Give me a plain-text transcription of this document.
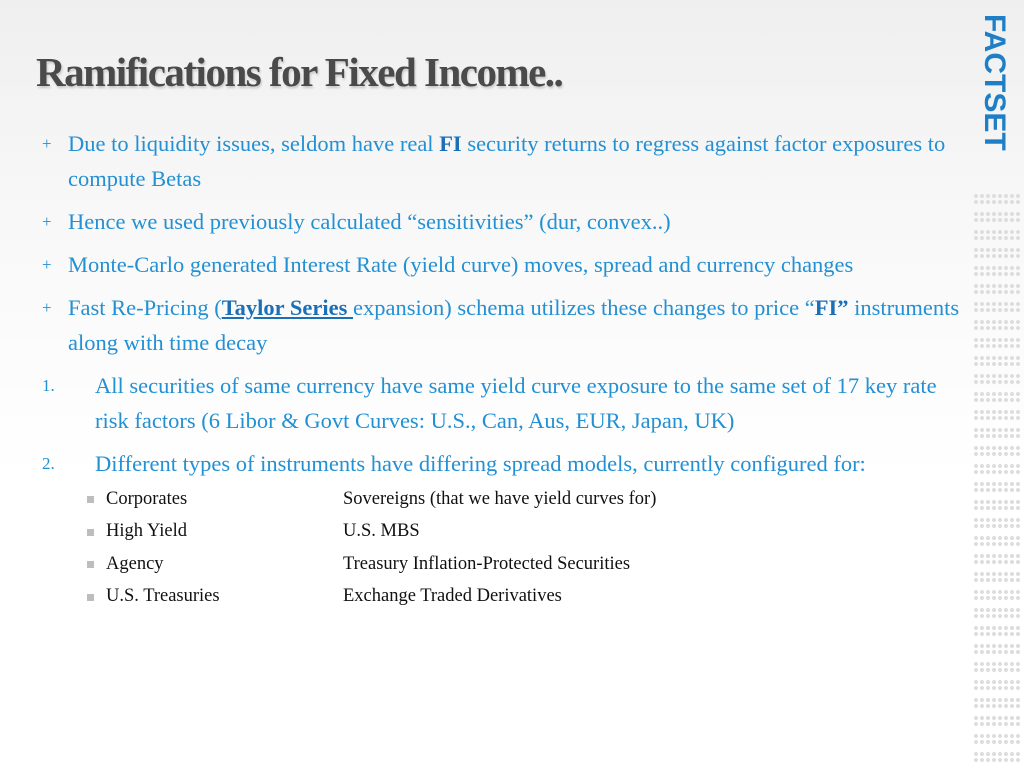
Ramifications for Fixed Income..	FACTSET
+ Due to liquidity issues, seldom have real FI security returns to regress against factor exposures to compute Betas
+ Hence we used previously calculated “sensitivities” (dur, convex..)
+ Monte-Carlo generated Interest Rate (yield curve) moves, spread and currency changes
+ Fast Re-Pricing (Taylor Series expansion) schema utilizes these changes to price “FI” instruments along with time decay
1.	All securities of same currency have same yield curve exposure to the same set of 17 key rate risk factors (6 Libor & Govt Curves: U.S., Can, Aus, EUR, Japan, UK)
2.	Different types of instruments have differing spread models, currently configured for:
Corporates	Sovereigns (that we have yield curves for)
High Yield	U.S. MBS
Agency	Treasury Inflation-Protected Securities
U.S. Treasuries	Exchange Traded Derivatives
